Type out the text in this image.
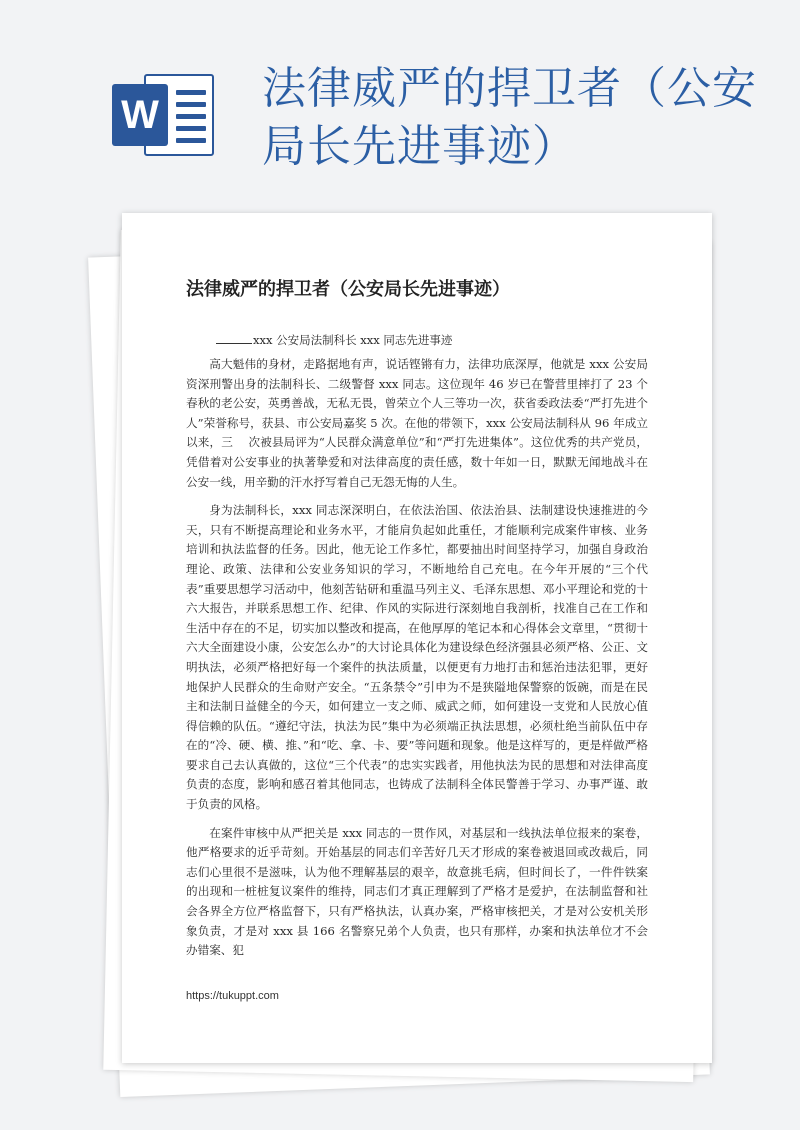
W
法律威严的捍卫者（公安局长先进事迹）
法律威严的捍卫者（公安局长先进事迹）
xxx 公安局法制科长 xxx 同志先进事迹

高大魁伟的身材，走路据地有声，说话铿锵有力，法律功底深厚，他就是 xxx 公安局资深刑警出身的法制科长、二级警督 xxx 同志。这位现年 46 岁已在警营里摔打了 23 个春秋的老公安，英勇善战，无私无畏，曾荣立个人三等功一次，获省委政法委“严打先进个人”荣誉称号，获县、市公安局嘉奖 5 次。在他的带领下，xxx 公安局法制科从 96 年成立以来，三　 次被县局评为“人民群众满意单位”和“严打先进集体”。这位优秀的共产党员，凭借着对公安事业的执著挚爱和对法律高度的责任感，数十年如一日，默默无闻地战斗在公安一线，用辛勤的汗水抒写着自己无怨无悔的人生。

身为法制科长，xxx 同志深深明白，在依法治国、依法治县、法制建设快速推进的今天，只有不断提高理论和业务水平，才能肩负起如此重任，才能顺利完成案件审核、业务培训和执法监督的任务。因此，他无论工作多忙，都要抽出时间坚持学习，加强自身政治理论、政策、法律和公安业务知识的学习，不断地给自己充电。在今年开展的“三个代表”重要思想学习活动中，他刻苦钻研和重温马列主义、毛泽东思想、邓小平理论和党的十六大报告，并联系思想工作、纪律、作风的实际进行深刻地自我剖析，找准自己在工作和生活中存在的不足，切实加以整改和提高，在他厚厚的笔记本和心得体会文章里，“贯彻十六大全面建设小康，公安怎么办”的大讨论具体化为建设绿色经济强县必须严格、公正、文明执法，必须严格把好每一个案件的执法质量，以便更有力地打击和惩治违法犯罪，更好地保护人民群众的生命财产安全。“五条禁令”引申为不是狭隘地保警察的饭碗，而是在民主和法制日益健全的今天，如何建立一支之师、威武之师，如何建设一支党和人民放心值得信赖的队伍。“遵纪守法，执法为民”集中为必须端正执法思想，必须杜绝当前队伍中存在的“冷、硬、横、推、”和“吃、拿、卡、要”等问题和现象。他是这样写的，更是样做严格要求自己去认真做的，这位“三个代表”的忠实实践者，用他执法为民的思想和对法律高度负责的态度，影响和感召着其他同志，也铸成了法制科全体民警善于学习、办事严谨、敢于负责的风格。

在案件审核中从严把关是 xxx 同志的一贯作风，对基层和一线执法单位报来的案卷，他严格要求的近乎苛刻。开始基层的同志们辛苦好几天才形成的案卷被退回或改裁后，同志们心里很不是滋味，认为他不理解基层的艰辛，故意挑毛病，但时间长了，一件件铁案的出现和一桩桩复议案件的维持，同志们才真正理解到了严格才是爱护，在法制监督和社会各界全方位严格监督下，只有严格执法，认真办案，严格审核把关，才是对公安机关形象负责，才是对 xxx 县 166 名警察兄弟个人负责，也只有那样，办案和执法单位才不会办错案、犯

https://tukuppt.com
